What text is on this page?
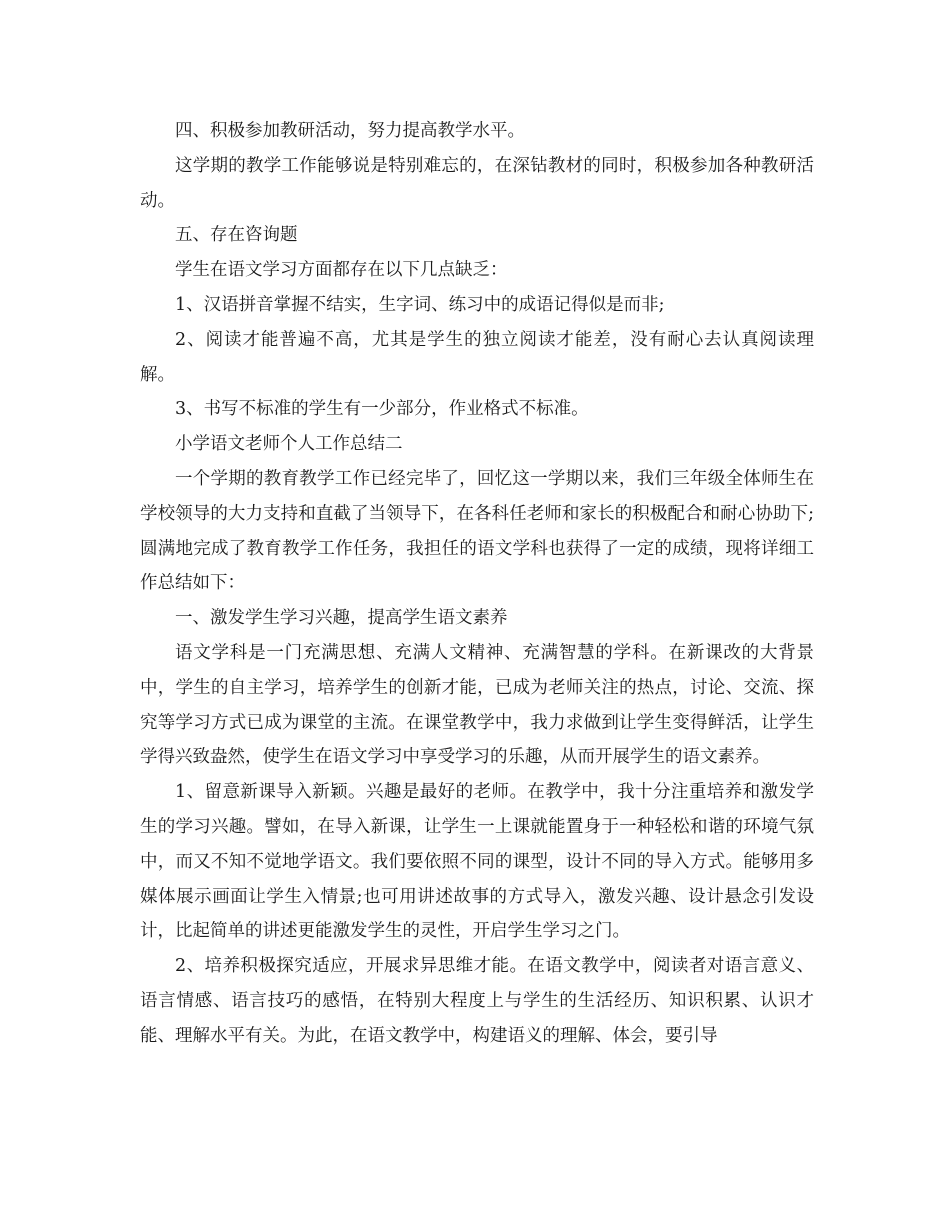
四、积极参加教研活动，努力提高教学水平。

这学期的教学工作能够说是特别难忘的，在深钻教材的同时，积极参加各种教研活动。

五、存在咨询题

学生在语文学习方面都存在以下几点缺乏：

1、汉语拼音掌握不结实，生字词、练习中的成语记得似是而非;

2、阅读才能普遍不高，尤其是学生的独立阅读才能差，没有耐心去认真阅读理解。

3、书写不标准的学生有一少部分，作业格式不标准。

小学语文老师个人工作总结二

一个学期的教育教学工作已经完毕了，回忆这一学期以来，我们三年级全体师生在学校领导的大力支持和直截了当领导下，在各科任老师和家长的积极配合和耐心协助下;圆满地完成了教育教学工作任务，我担任的语文学科也获得了一定的成绩，现将详细工作总结如下：

一、激发学生学习兴趣，提高学生语文素养

语文学科是一门充满思想、充满人文精神、充满智慧的学科。在新课改的大背景中，学生的自主学习，培养学生的创新才能，已成为老师关注的热点，讨论、交流、探究等学习方式已成为课堂的主流。在课堂教学中，我力求做到让学生变得鲜活，让学生学得兴致盎然，使学生在语文学习中享受学习的乐趣，从而开展学生的语文素养。

1、留意新课导入新颖。兴趣是最好的老师。在教学中，我十分注重培养和激发学生的学习兴趣。譬如，在导入新课，让学生一上课就能置身于一种轻松和谐的环境气氛中，而又不知不觉地学语文。我们要依照不同的课型，设计不同的导入方式。能够用多媒体展示画面让学生入情景;也可用讲述故事的方式导入，激发兴趣、设计悬念引发设计，比起简单的讲述更能激发学生的灵性，开启学生学习之门。

2、培养积极探究适应，开展求异思维才能。在语文教学中，阅读者对语言意义、语言情感、语言技巧的感悟，在特别大程度上与学生的生活经历、知识积累、认识才能、理解水平有关。为此，在语文教学中，构建语义的理解、体会，要引导
